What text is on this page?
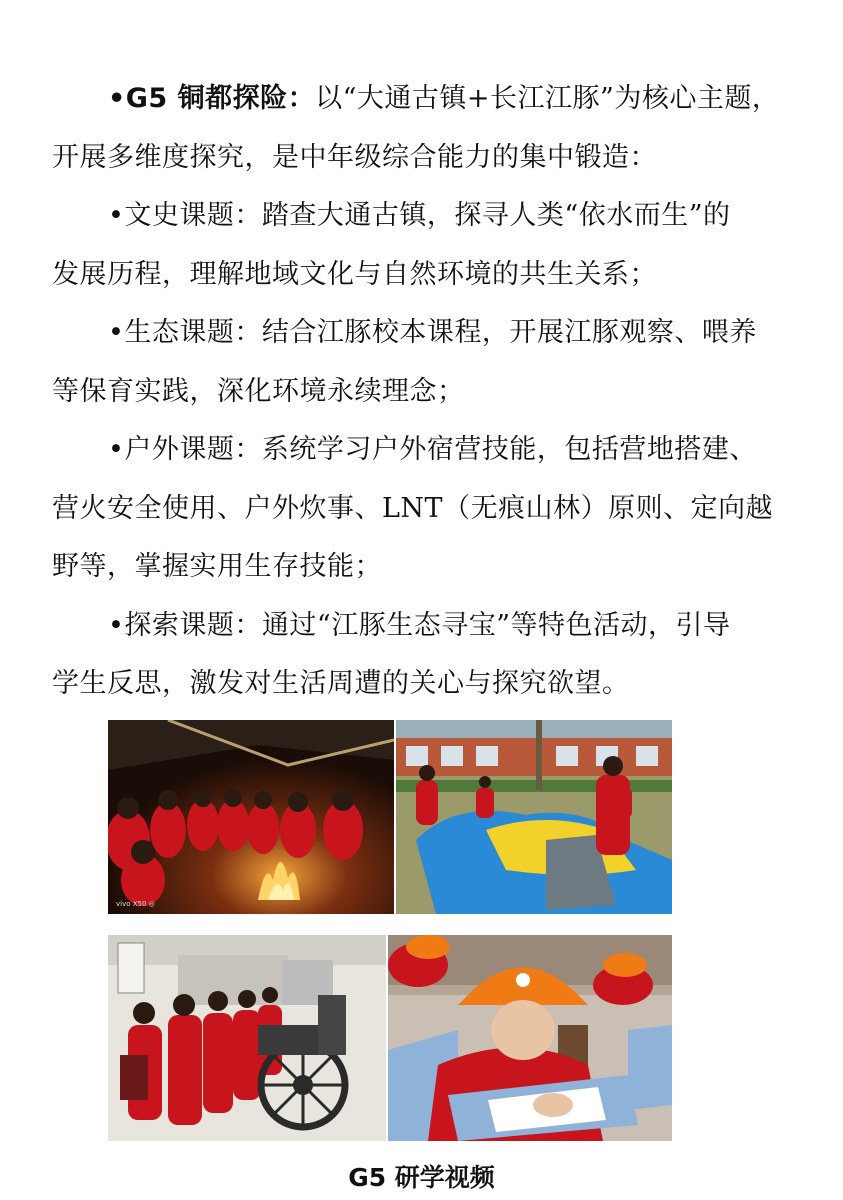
•G5 铜都探险：以“大通古镇+长江江豚”为核心主题，
开展多维度探究，是中年级综合能力的集中锻造：
•文史课题：踏查大通古镇，探寻人类“依水而生”的
发展历程，理解地域文化与自然环境的共生关系；
•生态课题：结合江豚校本课程，开展江豚观察、喂养
等保育实践，深化环境永续理念；
•户外课题：系统学习户外宿营技能，包括营地搭建、
营火安全使用、户外炊事、LNT（无痕山林）原则、定向越
野等，掌握实用生存技能；
•探索课题：通过“江豚生态寻宝”等特色活动，引导
学生反思，激发对生活周遭的关心与探究欲望。
vivo X50 ◎
G5 研学视频
